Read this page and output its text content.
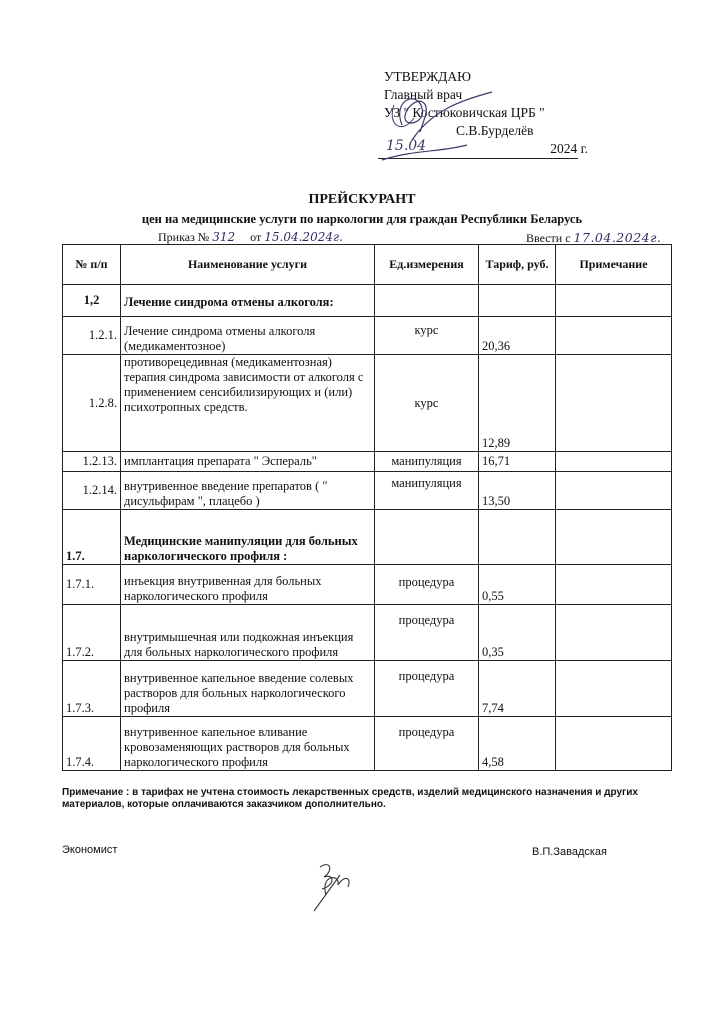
УТВЕРЖДАЮ
Главный врач
УЗ " Костюковичская ЦРБ "
С.В.Бурделёв
15.04	2024 г.
ПРЕЙСКУРАНТ
цен на медицинские услуги по наркологии для граждан Республики Беларусь
Приказ № 312 от 15.04.2024г.	Ввести с 17.04.2024г.
№ п/п	Наименование услуги	Ед.измерения	Тариф, руб.	Примечание
1,2	Лечение синдрома отмены алкоголя:			
1.2.1.	Лечение синдрома отмены алкоголя (медикаментозное)	курс	20,36	
1.2.8.	противорецедивная (медикаментозная) терапия синдрома зависимости от алкоголя с применением сенсибилизирующих и (или) психотропных средств.	курс	12,89	
1.2.13.	имплантация препарата " Эспераль"	манипуляция	16,71	
1.2.14.	внутривенное введение препаратов ( " дисульфирам ", плацебо )	манипуляция	13,50	
1.7.	Медицинские манипуляции для больных наркологического профиля :			
1.7.1.	инъекция внутривенная для больных наркологического профиля	процедура	0,55	
1.7.2.	внутримышечная или подкожная инъекция для больных наркологического профиля	процедура	0,35	
1.7.3.	внутривенное капельное введение солевых растворов для больных наркологического профиля	процедура	7,74	
1.7.4.	внутривенное капельное вливание кровозаменяющих растворов для больных наркологического профиля	процедура	4,58	
Примечание : в тарифах не учтена стоимость лекарственных средств, изделий медицинского назначения и других материалов, которые оплачиваются заказчиком дополнительно.
Экономист	В.П.Завадская
